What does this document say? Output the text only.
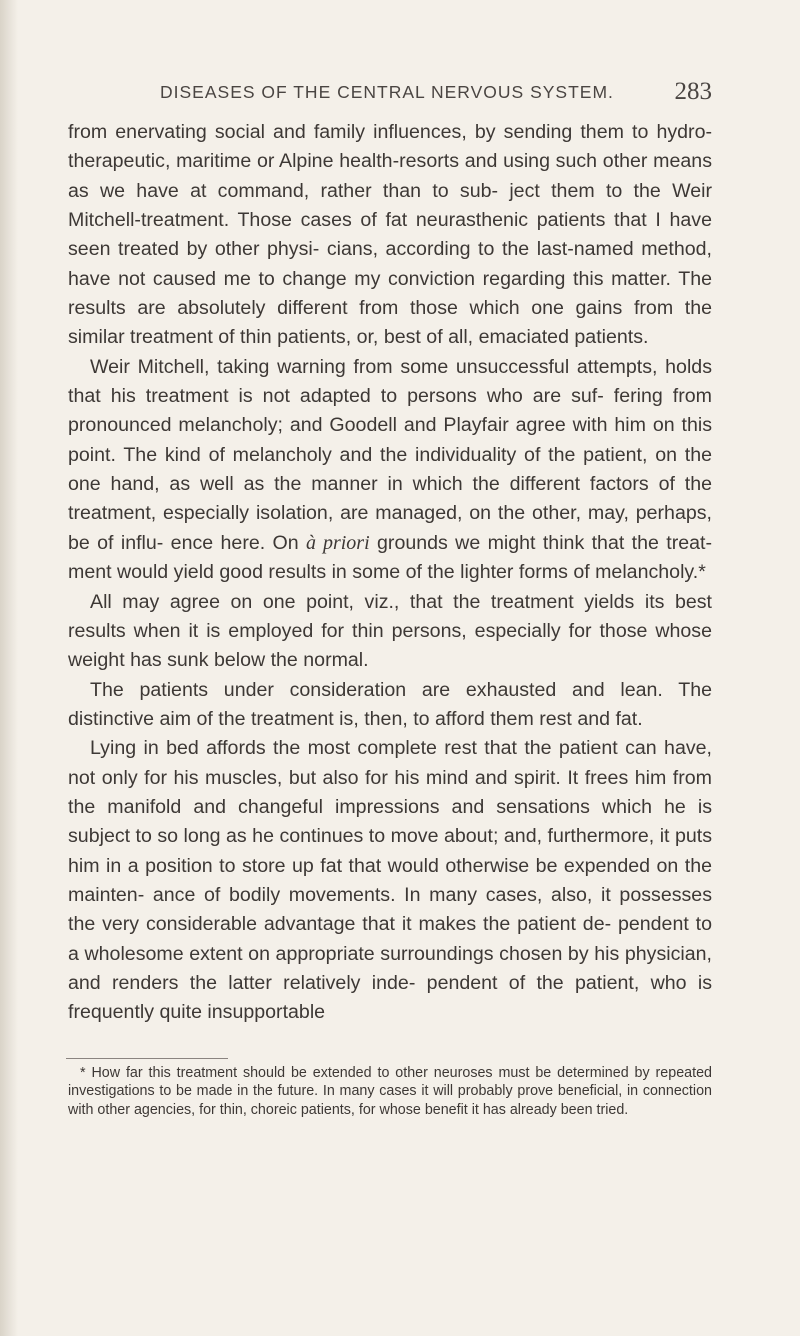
DISEASES OF THE CENTRAL NERVOUS SYSTEM. 283

from enervating social and family influences, by sending them to hydro-therapeutic, maritime or Alpine health-resorts and using such other means as we have at command, rather than to sub- ject them to the Weir Mitchell-treatment. Those cases of fat neurasthenic patients that I have seen treated by other physi- cians, according to the last-named method, have not caused me to change my conviction regarding this matter. The results are absolutely different from those which one gains from the similar treatment of thin patients, or, best of all, emaciated patients.

Weir Mitchell, taking warning from some unsuccessful attempts, holds that his treatment is not adapted to persons who are suf- fering from pronounced melancholy; and Goodell and Playfair agree with him on this point. The kind of melancholy and the individuality of the patient, on the one hand, as well as the manner in which the different factors of the treatment, especially isolation, are managed, on the other, may, perhaps, be of influ- ence here. On à priori grounds we might think that the treat- ment would yield good results in some of the lighter forms of melancholy.*

All may agree on one point, viz., that the treatment yields its best results when it is employed for thin persons, especially for those whose weight has sunk below the normal.

The patients under consideration are exhausted and lean. The distinctive aim of the treatment is, then, to afford them rest and fat.

Lying in bed affords the most complete rest that the patient can have, not only for his muscles, but also for his mind and spirit. It frees him from the manifold and changeful impressions and sensations which he is subject to so long as he continues to move about; and, furthermore, it puts him in a position to store up fat that would otherwise be expended on the mainten- ance of bodily movements. In many cases, also, it possesses the very considerable advantage that it makes the patient de- pendent to a wholesome extent on appropriate surroundings chosen by his physician, and renders the latter relatively inde- pendent of the patient, who is frequently quite insupportable

* How far this treatment should be extended to other neuroses must be determined by repeated investigations to be made in the future. In many cases it will probably prove beneficial, in connection with other agencies, for thin, choreic patients, for whose benefit it has already been tried.
